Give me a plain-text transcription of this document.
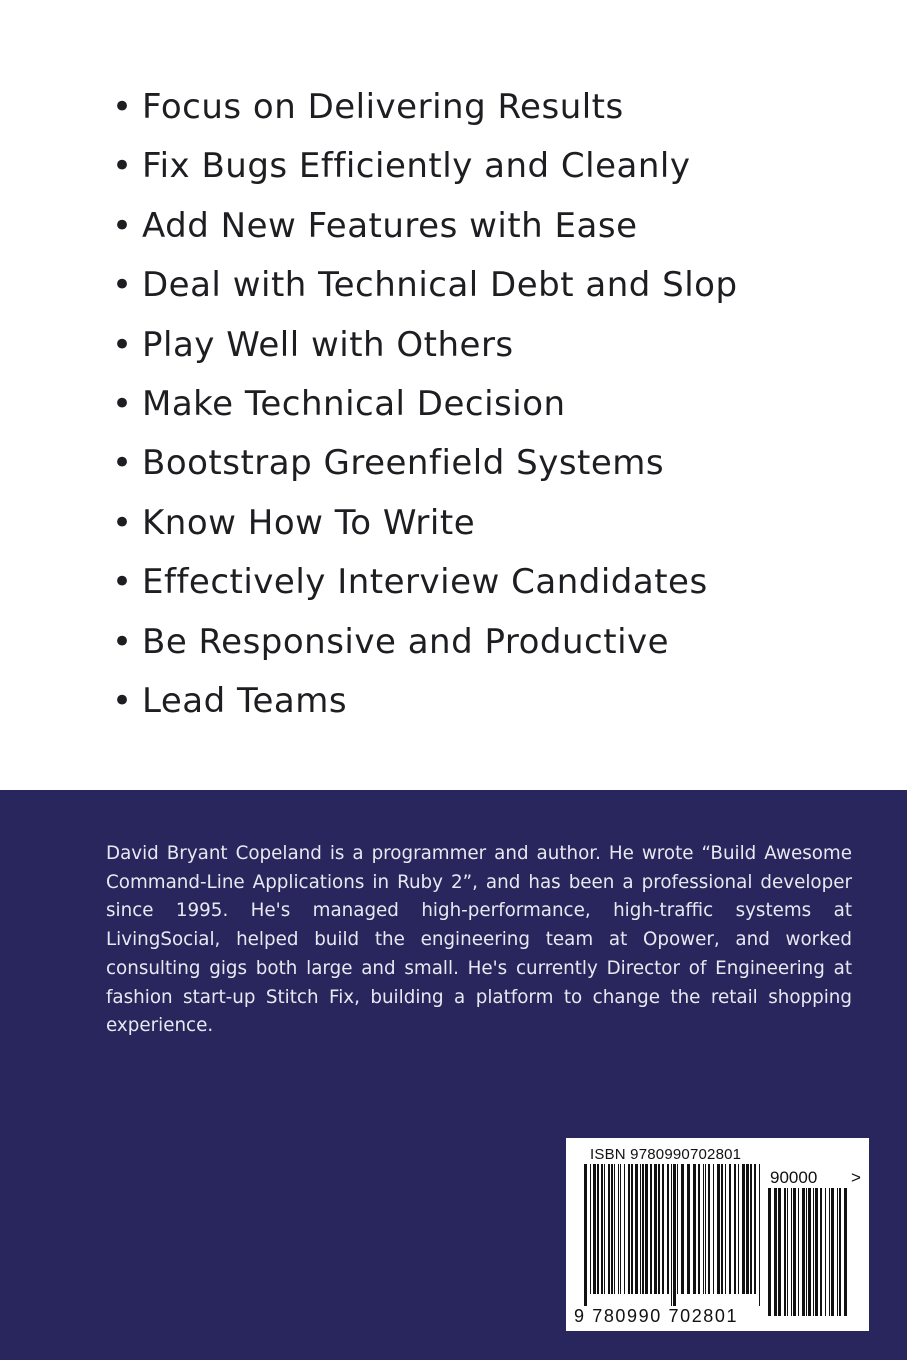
• Focus on Delivering Results
• Fix Bugs Efficiently and Cleanly
• Add New Features with Ease
• Deal with Technical Debt and Slop
• Play Well with Others
• Make Technical Decision
• Bootstrap Greenfield Systems
• Know How To Write
• Effectively Interview Candidates
• Be Responsive and Productive
• Lead Teams
David Bryant Copeland is a programmer and author. He wrote “Build Awesome Command-Line Applications in Ruby 2”, and has been a professional developer since 1995. He's managed high-performance, high-traffic systems at LivingSocial, helped build the engineering team at Opower, and worked consulting gigs both large and small. He's currently Director of Engineering at fashion start-up Stitch Fix, building a platform to change the retail shopping experience.
ISBN 9780990702801
90000 >
9 780990 702801
